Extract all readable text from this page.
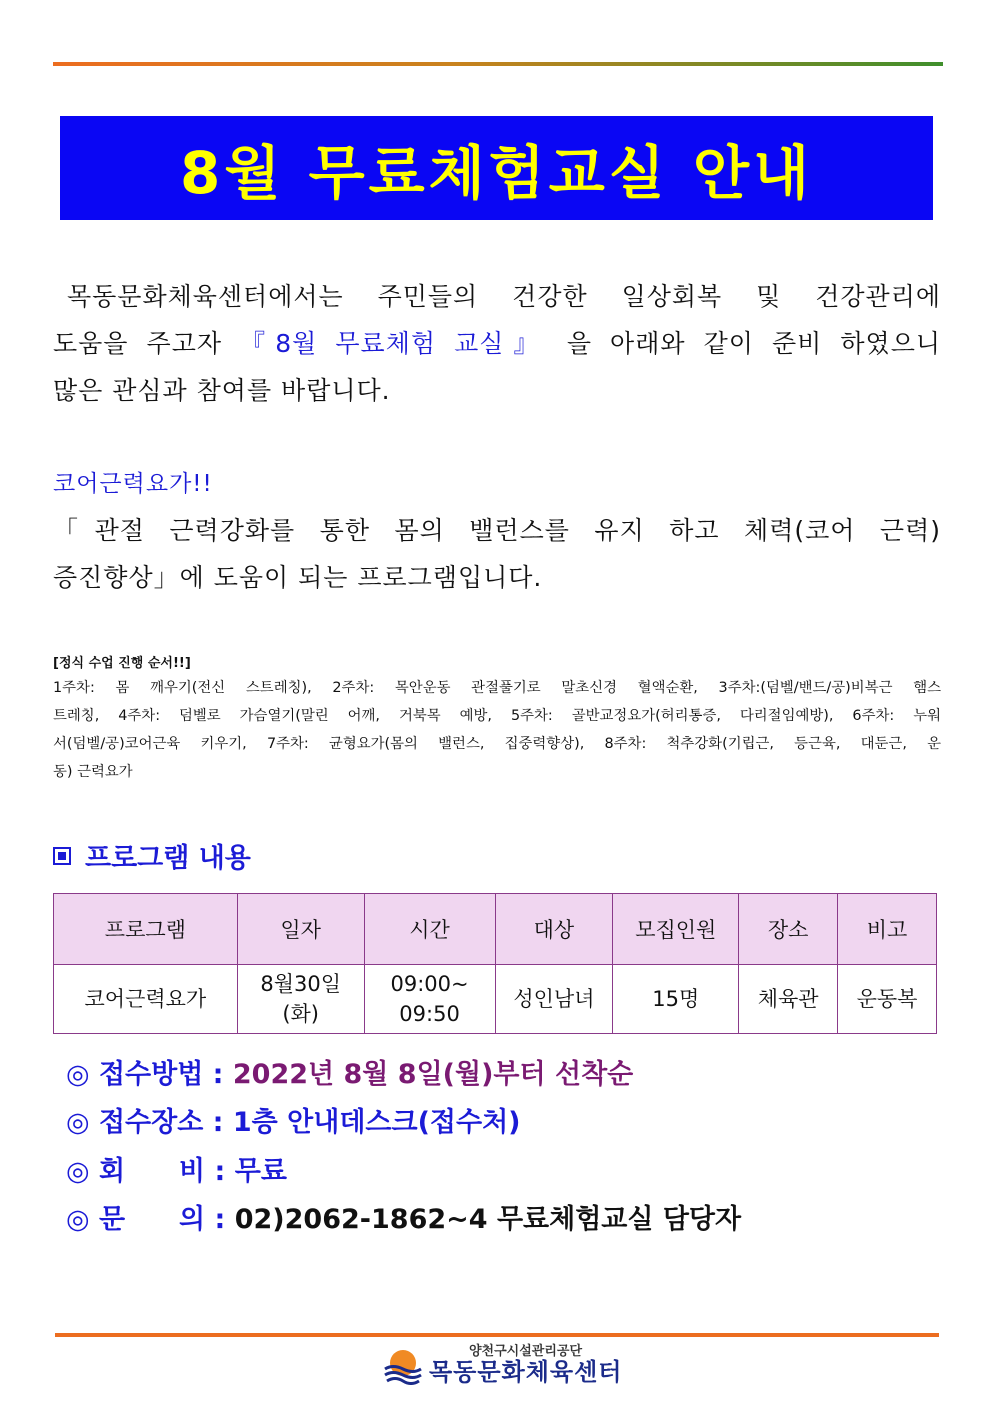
8월 무료체험교실 안내
목동문화체육센터에서는 주민들의 건강한 일상회복 및 건강관리에
도움을 주고자 『8월 무료체험 교실』 을 아래와 같이 준비 하였으니
많은 관심과 참여를 바랍니다.
코어근력요가!!
「관절 근력강화를 통한 몸의 밸런스를 유지 하고 체력(코어 근력)
증진향상」에 도움이 되는 프로그램입니다.
[정식 수업 진행 순서!!]
1주차: 몸 깨우기(전신 스트레칭), 2주차: 목안운동 관절풀기로 말초신경 혈액순환, 3주차:(덤벨/밴드/공)비복근 햄스
트레칭, 4주차: 덤벨로 가슴열기(말린 어깨, 거북목 예방, 5주차: 골반교정요가(허리통증, 다리절임예방), 6주차: 누워
서(덤벨/공)코어근육 키우기, 7주차: 균형요가(몸의 밸런스, 집중력향상), 8주차: 척추강화(기립근, 등근육, 대둔근, 운
동) 근력요가
프로그램 내용
프로그램	일자	시간	대상	모집인원	장소	비고
코어근력요가	8월30일
(화)	09:00~
09:50	성인남녀	15명	체육관	운동복
◎ 접수방법 : 2022년 8월 8일(월)부터 선착순
◎ 접수장소 : 1층 안내데스크(접수처)
◎ 회　　비 : 무료
◎ 문　　의 : 02)2062-1862~4 무료체험교실 담당자
양천구시설관리공단
목동문화체육센터
